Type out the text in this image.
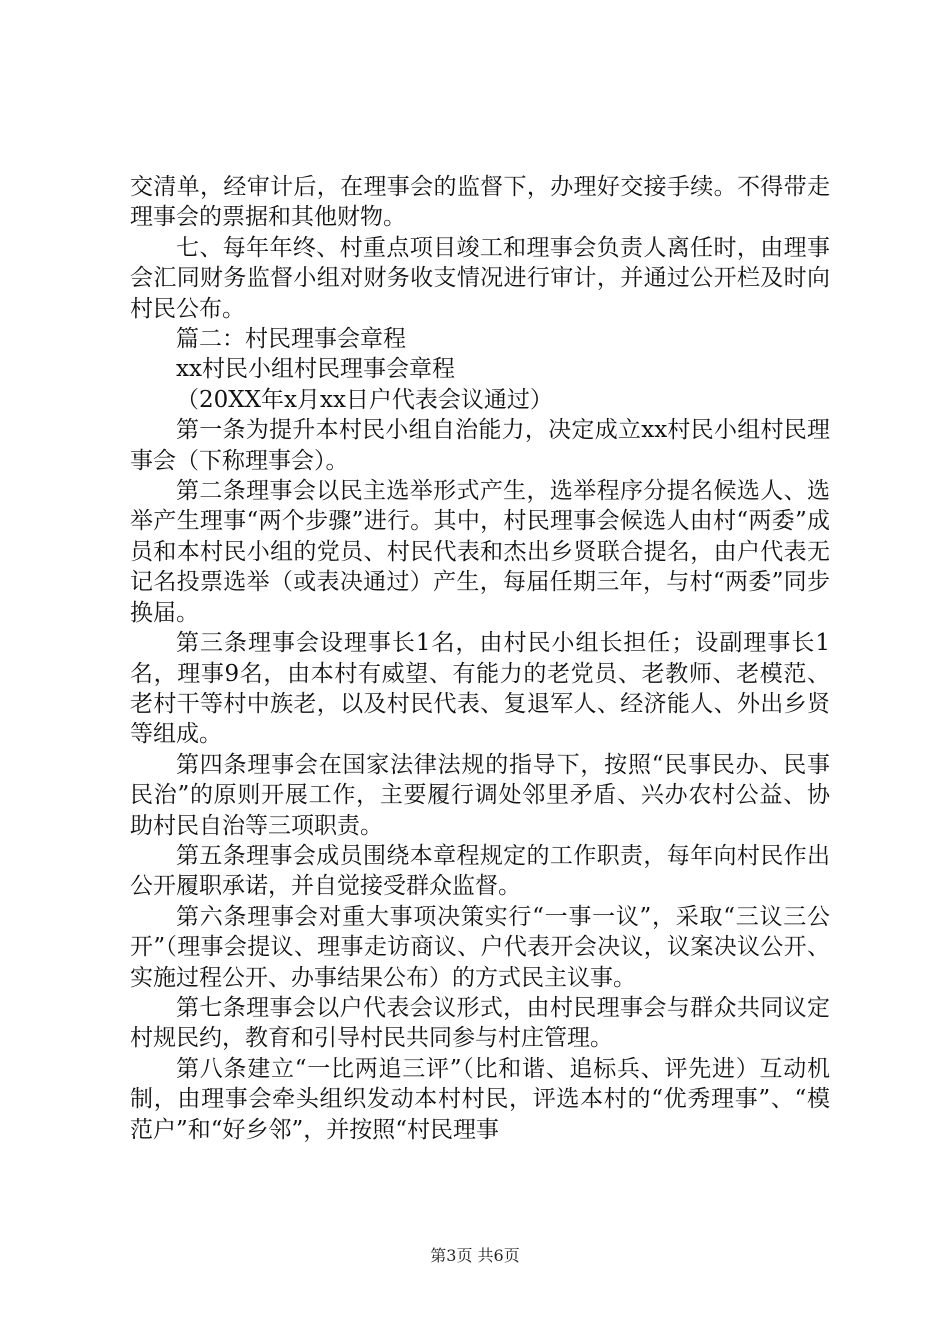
交清单，经审计后，在理事会的监督下，办理好交接手续。不得带走理事会的票据和其他财物。

七、每年年终、村重点项目竣工和理事会负责人离任时，由理事会汇同财务监督小组对财务收支情况进行审计，并通过公开栏及时向村民公布。

篇二：村民理事会章程

xx村民小组村民理事会章程

（20XX年x月xx日户代表会议通过）

第一条为提升本村民小组自治能力，决定成立xx村民小组村民理事会（下称理事会）。

第二条理事会以民主选举形式产生，选举程序分提名候选人、选举产生理事“两个步骤”进行。其中，村民理事会候选人由村“两委”成员和本村民小组的党员、村民代表和杰出乡贤联合提名，由户代表无记名投票选举（或表决通过）产生，每届任期三年，与村“两委”同步换届。

第三条理事会设理事长1名，由村民小组长担任；设副理事长1名，理事9名，由本村有威望、有能力的老党员、老教师、老模范、老村干等村中族老，以及村民代表、复退军人、经济能人、外出乡贤等组成。

第四条理事会在国家法律法规的指导下，按照“民事民办、民事民治”的原则开展工作，主要履行调处邻里矛盾、兴办农村公益、协助村民自治等三项职责。

第五条理事会成员围绕本章程规定的工作职责，每年向村民作出公开履职承诺，并自觉接受群众监督。

第六条理事会对重大事项决策实行“一事一议”，采取“三议三公开”（理事会提议、理事走访商议、户代表开会决议，议案决议公开、实施过程公开、办事结果公布）的方式民主议事。

第七条理事会以户代表会议形式，由村民理事会与群众共同议定村规民约，教育和引导村民共同参与村庄管理。

第八条建立“一比两追三评”（比和谐、追标兵、评先进）互动机制，由理事会牵头组织发动本村村民，评选本村的“优秀理事”、“模范户”和“好乡邻”，并按照“村民理事

第3页 共6页
